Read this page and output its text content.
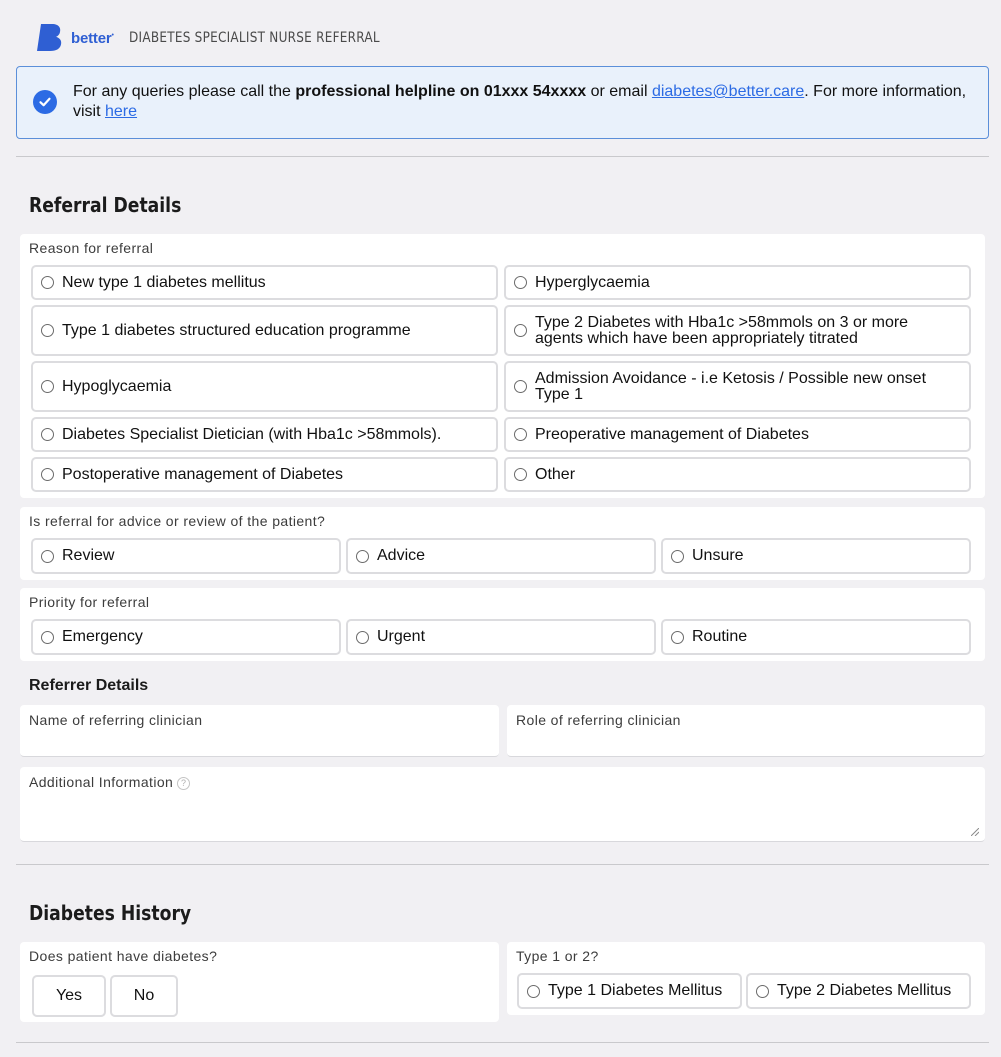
better• DIABETES SPECIALIST NURSE REFERRAL
For any queries please call the professional helpline on 01xxx 54xxxx or email diabetes@better.care. For more information, visit here
Referral Details
Reason for referral
New type 1 diabetes mellitus	Hyperglycaemia
Type 1 diabetes structured education programme	Type 2 Diabetes with Hba1c >58mmols on 3 or more agents which have been appropriately titrated
Hypoglycaemia	Admission Avoidance - i.e Ketosis / Possible new onset Type 1
Diabetes Specialist Dietician (with Hba1c >58mmols).	Preoperative management of Diabetes
Postoperative management of Diabetes	Other
Is referral for advice or review of the patient?
Review	Advice	Unsure
Priority for referral
Emergency	Urgent	Routine
Referrer Details
Name of referring clinician	Role of referring clinician
Additional Information ?
Diabetes History
Does patient have diabetes?
Yes	No
Type 1 or 2?
Type 1 Diabetes Mellitus	Type 2 Diabetes Mellitus
